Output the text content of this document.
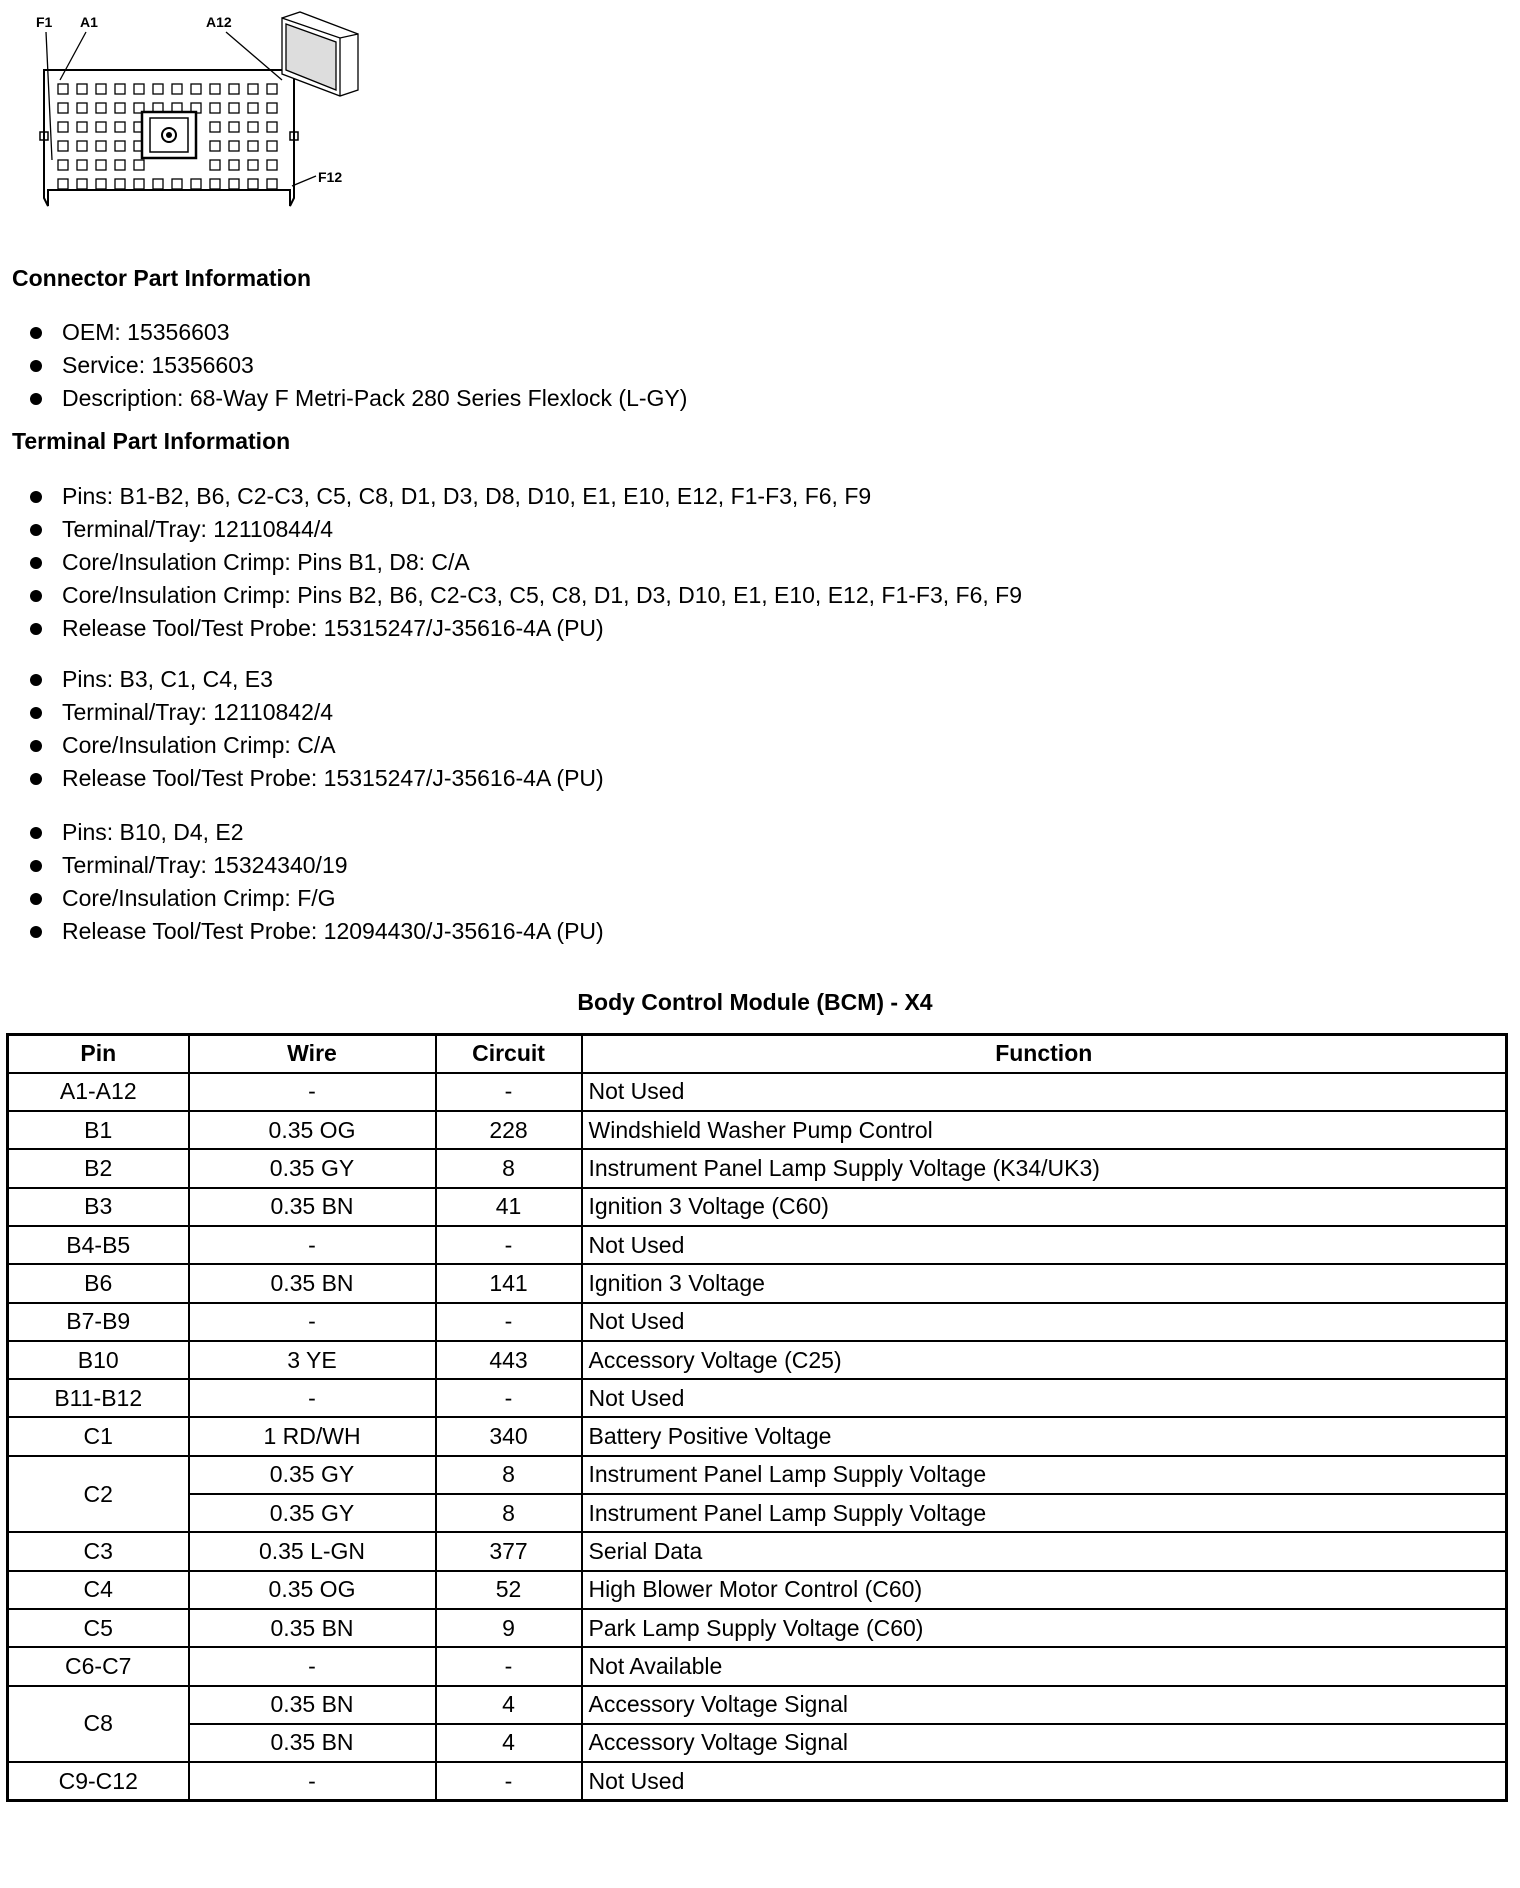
F1 A1	A12
F12
Connector Part Information
OEM: 15356603
Service: 15356603
Description: 68-Way F Metri-Pack 280 Series Flexlock (L-GY)
Terminal Part Information
Pins: B1-B2, B6, C2-C3, C5, C8, D1, D3, D8, D10, E1, E10, E12, F1-F3, F6, F9
Terminal/Tray: 12110844/4
Core/Insulation Crimp: Pins B1, D8: C/A
Core/Insulation Crimp: Pins B2, B6, C2-C3, C5, C8, D1, D3, D10, E1, E10, E12, F1-F3, F6, F9
Release Tool/Test Probe: 15315247/J-35616-4A (PU)
Pins: B3, C1, C4, E3
Terminal/Tray: 12110842/4
Core/Insulation Crimp: C/A
Release Tool/Test Probe: 15315247/J-35616-4A (PU)
Pins: B10, D4, E2
Terminal/Tray: 15324340/19
Core/Insulation Crimp: F/G
Release Tool/Test Probe: 12094430/J-35616-4A (PU)
Body Control Module (BCM) - X4
Pin	Wire	Circuit	Function
A1-A12	-	-	Not Used
B1	0.35 OG	228	Windshield Washer Pump Control
B2	0.35 GY	8	Instrument Panel Lamp Supply Voltage (K34/UK3)
B3	0.35 BN	41	Ignition 3 Voltage (C60)
B4-B5	-	-	Not Used
B6	0.35 BN	141	Ignition 3 Voltage
B7-B9	-	-	Not Used
B10	3 YE	443	Accessory Voltage (C25)
B11-B12	-	-	Not Used
C1	1 RD/WH	340	Battery Positive Voltage
C2	0.35 GY	8	Instrument Panel Lamp Supply Voltage
	0.35 GY	8	Instrument Panel Lamp Supply Voltage
C3	0.35 L-GN	377	Serial Data
C4	0.35 OG	52	High Blower Motor Control (C60)
C5	0.35 BN	9	Park Lamp Supply Voltage (C60)
C6-C7	-	-	Not Available
C8	0.35 BN	4	Accessory Voltage Signal
	0.35 BN	4	Accessory Voltage Signal
C9-C12	-	-	Not Used
